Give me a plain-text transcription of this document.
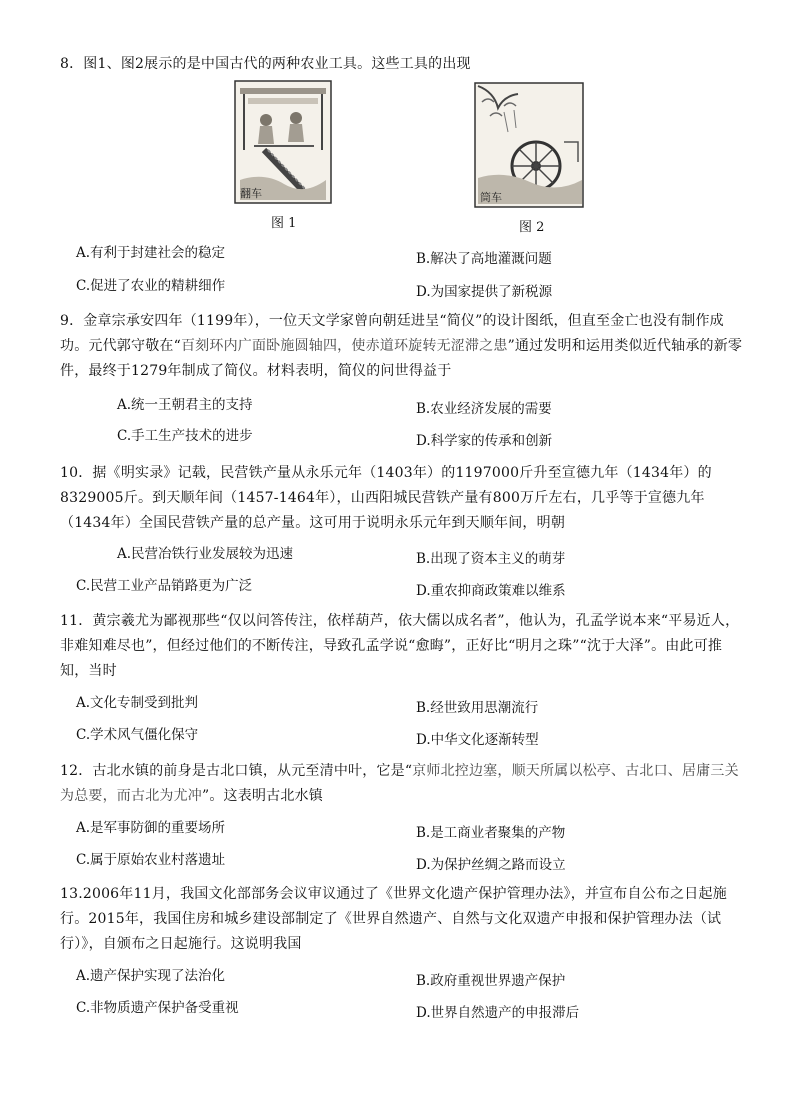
8．图1、图2展示的是中国古代的两种农业工具。这些工具的出现
翻车
图 1
筒车
图 2
A.有利于封建社会的稳定	B.解决了高地灌溉问题
C.促进了农业的精耕细作	D.为国家提供了新税源
9．金章宗承安四年（1199年），一位天文学家曾向朝廷进呈“简仪”的设计图纸，但直至金亡也没有制作成功。元代郭守敬在“百刻环内广面卧施圆轴四，使赤道环旋转无涩滞之患”通过发明和运用类似近代轴承的新零件，最终于1279年制成了简仪。材料表明，简仪的问世得益于
A.统一王朝君主的支持	B.农业经济发展的需要
C.手工生产技术的进步	D.科学家的传承和创新
10．据《明实录》记载，民营铁产量从永乐元年（1403年）的1197000斤升至宣德九年（1434年）的8329005斤。到天顺年间（1457-1464年），山西阳城民营铁产量有800万斤左右，几乎等于宣德九年（1434年）全国民营铁产量的总产量。这可用于说明永乐元年到天顺年间，明朝
A.民营冶铁行业发展较为迅速	B.出现了资本主义的萌芽
C.民营工业产品销路更为广泛	D.重农抑商政策难以维系
11．黄宗羲尤为鄙视那些“仅以问答传注，依样葫芦，依大儒以成名者”，他认为，孔孟学说本来“平易近人，非难知难尽也”，但经过他们的不断传注，导致孔孟学说“愈晦”，正好比“明月之珠”“沈于大泽”。由此可推知，当时
A.文化专制受到批判	B.经世致用思潮流行
C.学术风气僵化保守	D.中华文化逐渐转型
12．古北水镇的前身是古北口镇，从元至清中叶，它是“京师北控边塞，顺天所属以松亭、古北口、居庸三关为总要，而古北为尤冲”。这表明古北水镇
A.是军事防御的重要场所	B.是工商业者聚集的产物
C.属于原始农业村落遗址	D.为保护丝绸之路而设立
13.2006年11月，我国文化部部务会议审议通过了《世界文化遗产保护管理办法》，并宣布自公布之日起施行。2015年，我国住房和城乡建设部制定了《世界自然遗产、自然与文化双遗产申报和保护管理办法（试行）》，自颁布之日起施行。这说明我国
A.遗产保护实现了法治化	B.政府重视世界遗产保护
C.非物质遗产保护备受重视	D.世界自然遗产的申报滞后
